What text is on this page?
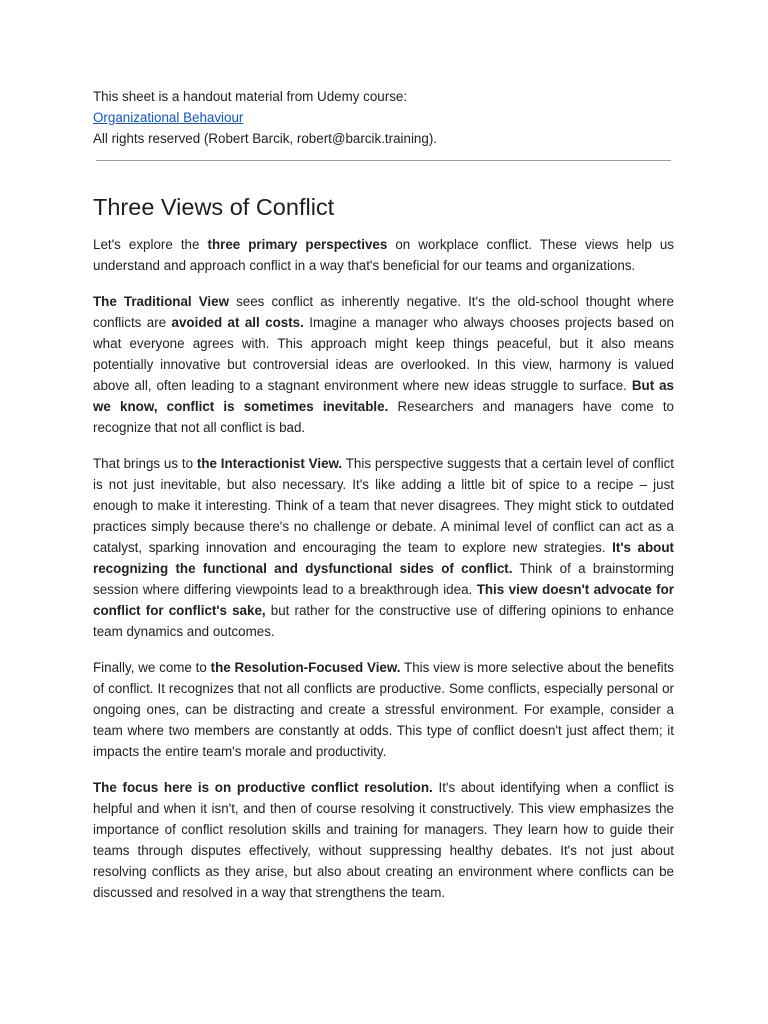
This sheet is a handout material from Udemy course:

Organizational Behaviour

All rights reserved (Robert Barcik, robert@barcik.training).

Three Views of Conflict

Let's explore the three primary perspectives on workplace conflict. These views help us understand and approach conflict in a way that's beneficial for our teams and organizations.

The Traditional View sees conflict as inherently negative. It's the old-school thought where conflicts are avoided at all costs. Imagine a manager who always chooses projects based on what everyone agrees with. This approach might keep things peaceful, but it also means potentially innovative but controversial ideas are overlooked. In this view, harmony is valued above all, often leading to a stagnant environment where new ideas struggle to surface. But as we know, conflict is sometimes inevitable. Researchers and managers have come to recognize that not all conflict is bad.

That brings us to the Interactionist View. This perspective suggests that a certain level of conflict is not just inevitable, but also necessary. It's like adding a little bit of spice to a recipe – just enough to make it interesting. Think of a team that never disagrees. They might stick to outdated practices simply because there's no challenge or debate. A minimal level of conflict can act as a catalyst, sparking innovation and encouraging the team to explore new strategies. It's about recognizing the functional and dysfunctional sides of conflict. Think of a brainstorming session where differing viewpoints lead to a breakthrough idea. This view doesn't advocate for conflict for conflict's sake, but rather for the constructive use of differing opinions to enhance team dynamics and outcomes.

Finally, we come to the Resolution-Focused View. This view is more selective about the benefits of conflict. It recognizes that not all conflicts are productive. Some conflicts, especially personal or ongoing ones, can be distracting and create a stressful environment. For example, consider a team where two members are constantly at odds. This type of conflict doesn't just affect them; it impacts the entire team's morale and productivity.

The focus here is on productive conflict resolution. It's about identifying when a conflict is helpful and when it isn't, and then of course resolving it constructively. This view emphasizes the importance of conflict resolution skills and training for managers. They learn how to guide their teams through disputes effectively, without suppressing healthy debates. It's not just about resolving conflicts as they arise, but also about creating an environment where conflicts can be discussed and resolved in a way that strengthens the team.
